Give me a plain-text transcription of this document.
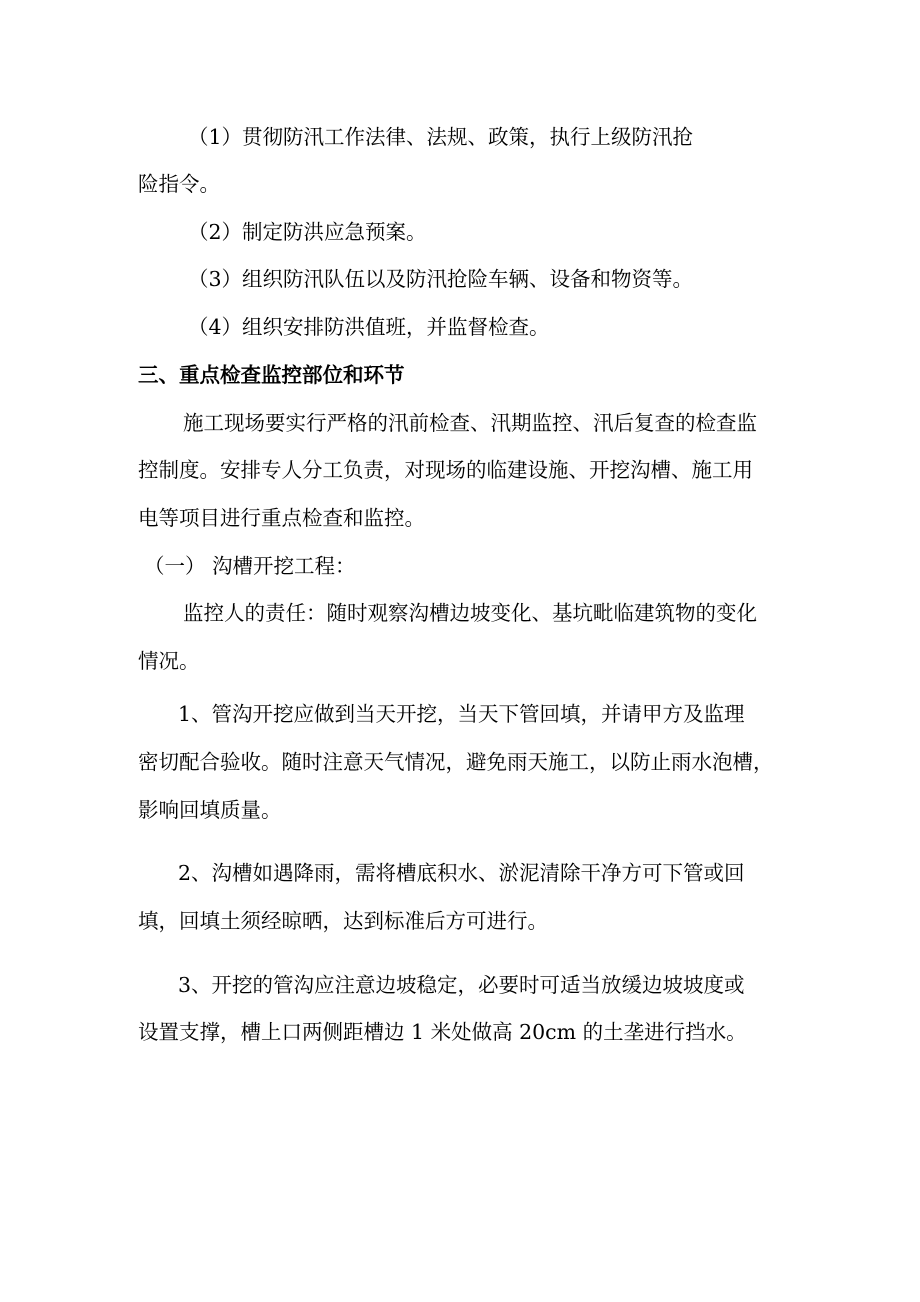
（1）贯彻防汛工作法律、法规、政策，执行上级防汛抢
险指令。
（2）制定防洪应急预案。
（3）组织防汛队伍以及防汛抢险车辆、设备和物资等。
（4）组织安排防洪值班，并监督检查。
三、重点检查监控部位和环节
施工现场要实行严格的汛前检查、汛期监控、汛后复查的检查监
控制度。安排专人分工负责，对现场的临建设施、开挖沟槽、施工用
电等项目进行重点检查和监控。
（一） 沟槽开挖工程：
监控人的责任：随时观察沟槽边坡变化、基坑毗临建筑物的变化
情况。
1、管沟开挖应做到当天开挖，当天下管回填，并请甲方及监理
密切配合验收。随时注意天气情况，避免雨天施工，以防止雨水泡槽，
影响回填质量。
2、沟槽如遇降雨，需将槽底积水、淤泥清除干净方可下管或回
填，回填土须经晾晒，达到标准后方可进行。
3、开挖的管沟应注意边坡稳定，必要时可适当放缓边坡坡度或
设置支撑，槽上口两侧距槽边 1 米处做高 20cm 的土垄进行挡水。
